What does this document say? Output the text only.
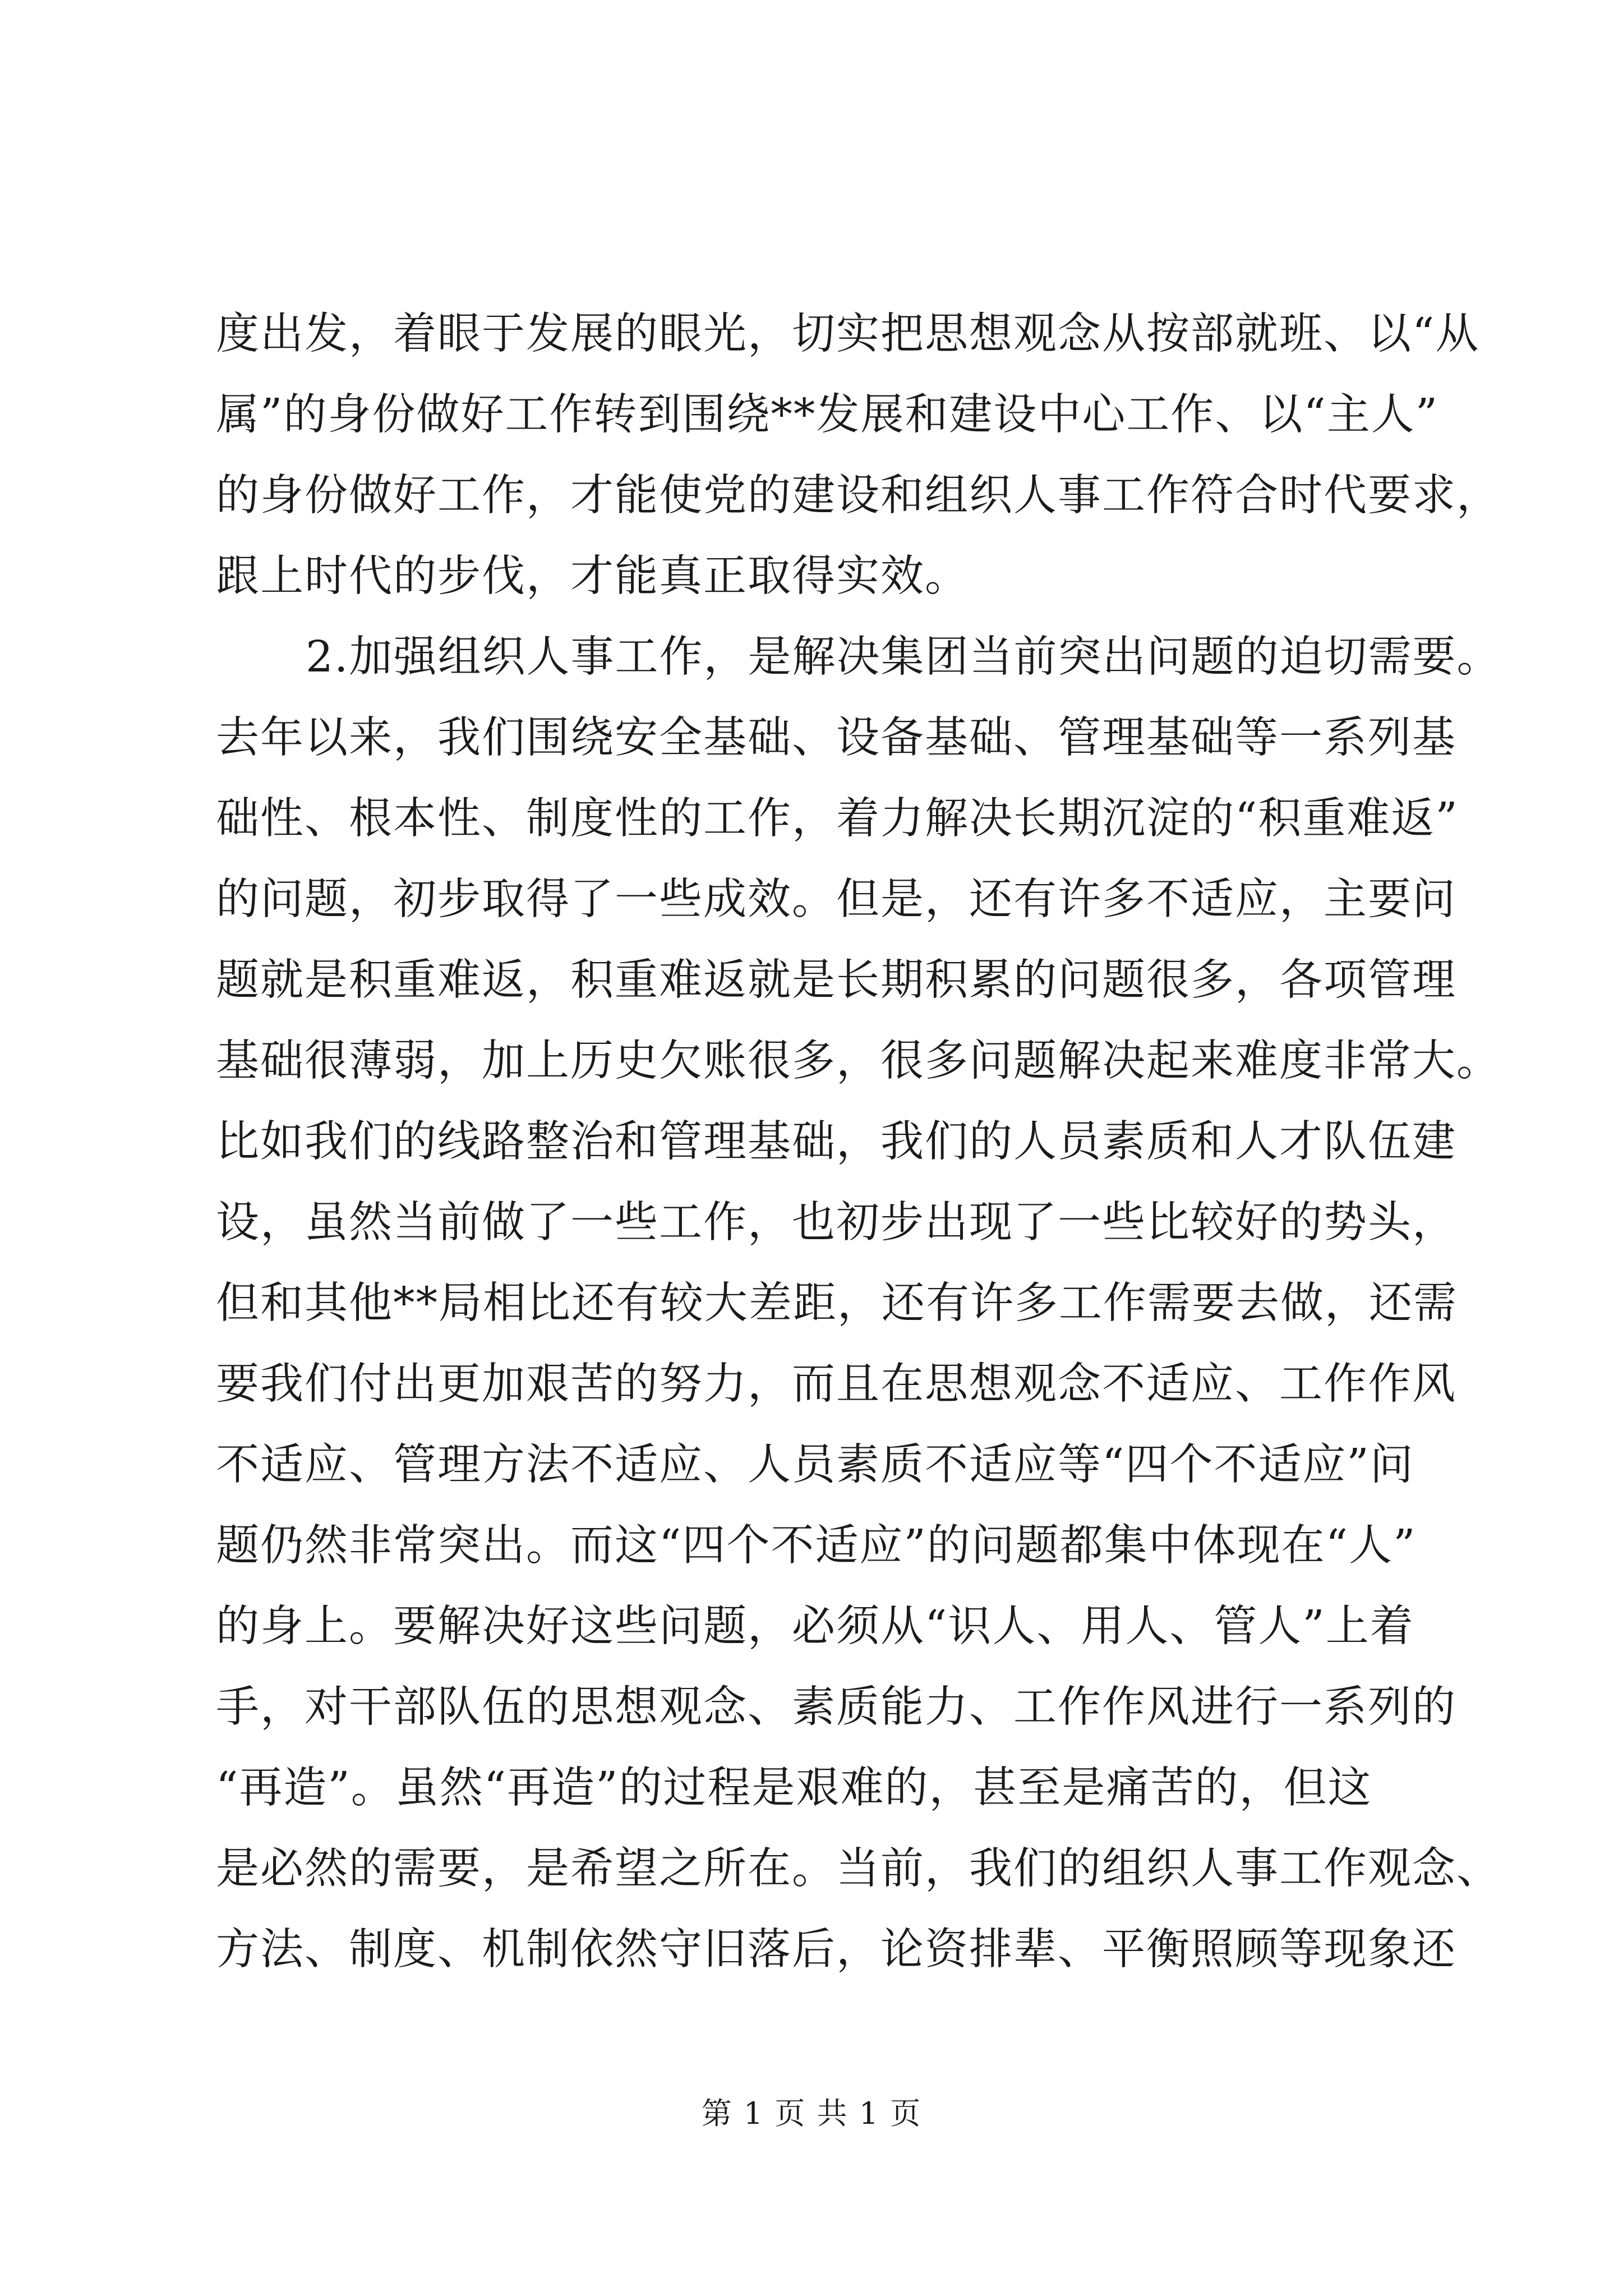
度出发，着眼于发展的眼光，切实把思想观念从按部就班、以“从
属”的身份做好工作转到围绕**发展和建设中心工作、以“主人”
的身份做好工作，才能使党的建设和组织人事工作符合时代要求，
跟上时代的步伐，才能真正取得实效。
2.加强组织人事工作，是解决集团当前突出问题的迫切需要。
去年以来，我们围绕安全基础、设备基础、管理基础等一系列基
础性、根本性、制度性的工作，着力解决长期沉淀的“积重难返”
的问题，初步取得了一些成效。但是，还有许多不适应，主要问
题就是积重难返，积重难返就是长期积累的问题很多，各项管理
基础很薄弱，加上历史欠账很多，很多问题解决起来难度非常大。
比如我们的线路整治和管理基础，我们的人员素质和人才队伍建
设，虽然当前做了一些工作，也初步出现了一些比较好的势头，
但和其他**局相比还有较大差距，还有许多工作需要去做，还需
要我们付出更加艰苦的努力，而且在思想观念不适应、工作作风
不适应、管理方法不适应、人员素质不适应等“四个不适应”问
题仍然非常突出。而这“四个不适应”的问题都集中体现在“人”
的身上。要解决好这些问题，必须从“识人、用人、管人”上着
手，对干部队伍的思想观念、素质能力、工作作风进行一系列的
“再造”。虽然“再造”的过程是艰难的，甚至是痛苦的，但这
是必然的需要，是希望之所在。当前，我们的组织人事工作观念、
方法、制度、机制依然守旧落后，论资排辈、平衡照顾等现象还
第 1 页 共 1 页
